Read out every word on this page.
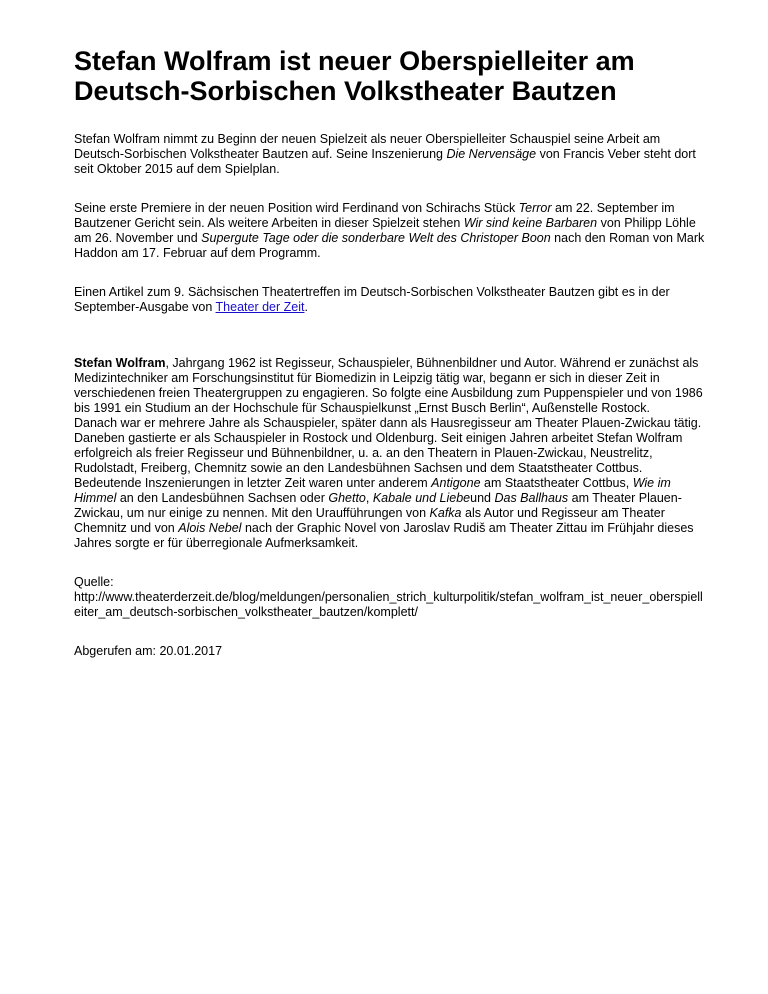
Stefan Wolfram ist neuer Oberspielleiter am
Deutsch-Sorbischen Volkstheater Bautzen

Stefan Wolfram nimmt zu Beginn der neuen Spielzeit als neuer Oberspielleiter Schauspiel seine Arbeit am Deutsch-Sorbischen Volkstheater Bautzen auf. Seine Inszenierung Die Nervensäge von Francis Veber steht dort seit Oktober 2015 auf dem Spielplan.

Seine erste Premiere in der neuen Position wird Ferdinand von Schirachs Stück Terror am 22. September im Bautzener Gericht sein. Als weitere Arbeiten in dieser Spielzeit stehen Wir sind keine Barbaren von Philipp Löhle am 26. November und Supergute Tage oder die sonderbare Welt des Christoper Boon nach den Roman von Mark Haddon am 17. Februar auf dem Programm.

Einen Artikel zum 9. Sächsischen Theatertreffen im Deutsch-Sorbischen Volkstheater Bautzen gibt es in der September-Ausgabe von Theater der Zeit.

Stefan Wolfram, Jahrgang 1962 ist Regisseur, Schauspieler, Bühnenbildner und Autor. Während er zunächst als Medizintechniker am Forschungsinstitut für Biomedizin in Leipzig tätig war, begann er sich in dieser Zeit in verschiedenen freien Theatergruppen zu engagieren. So folgte eine Ausbildung zum Puppenspieler und von 1986 bis 1991 ein Studium an der Hochschule für Schauspielkunst „Ernst Busch Berlin“, Außenstelle Rostock.
Danach war er mehrere Jahre als Schauspieler, später dann als Hausregisseur am Theater Plauen-Zwickau tätig. Daneben gastierte er als Schauspieler in Rostock und Oldenburg. Seit einigen Jahren arbeitet Stefan Wolfram erfolgreich als freier Regisseur und Bühnenbildner, u. a. an den Theatern in Plauen-Zwickau, Neustrelitz, Rudolstadt, Freiberg, Chemnitz sowie an den Landesbühnen Sachsen und dem Staatstheater Cottbus. Bedeutende Inszenierungen in letzter Zeit waren unter anderem Antigone am Staatstheater Cottbus, Wie im Himmel an den Landesbühnen Sachsen oder Ghetto, Kabale und Liebeund Das Ballhaus am Theater Plauen-Zwickau, um nur einige zu nennen. Mit den Uraufführungen von Kafka als Autor und Regisseur am Theater Chemnitz und von Alois Nebel nach der Graphic Novel von Jaroslav Rudiš am Theater Zittau im Frühjahr dieses Jahres sorgte er für überregionale Aufmerksamkeit.

Quelle:
http://www.theaterderzeit.de/blog/meldungen/personalien_strich_kulturpolitik/stefan_wolfram_ist_neuer_oberspielleiter_am_deutsch-sorbischen_volkstheater_bautzen/komplett/

Abgerufen am: 20.01.2017
